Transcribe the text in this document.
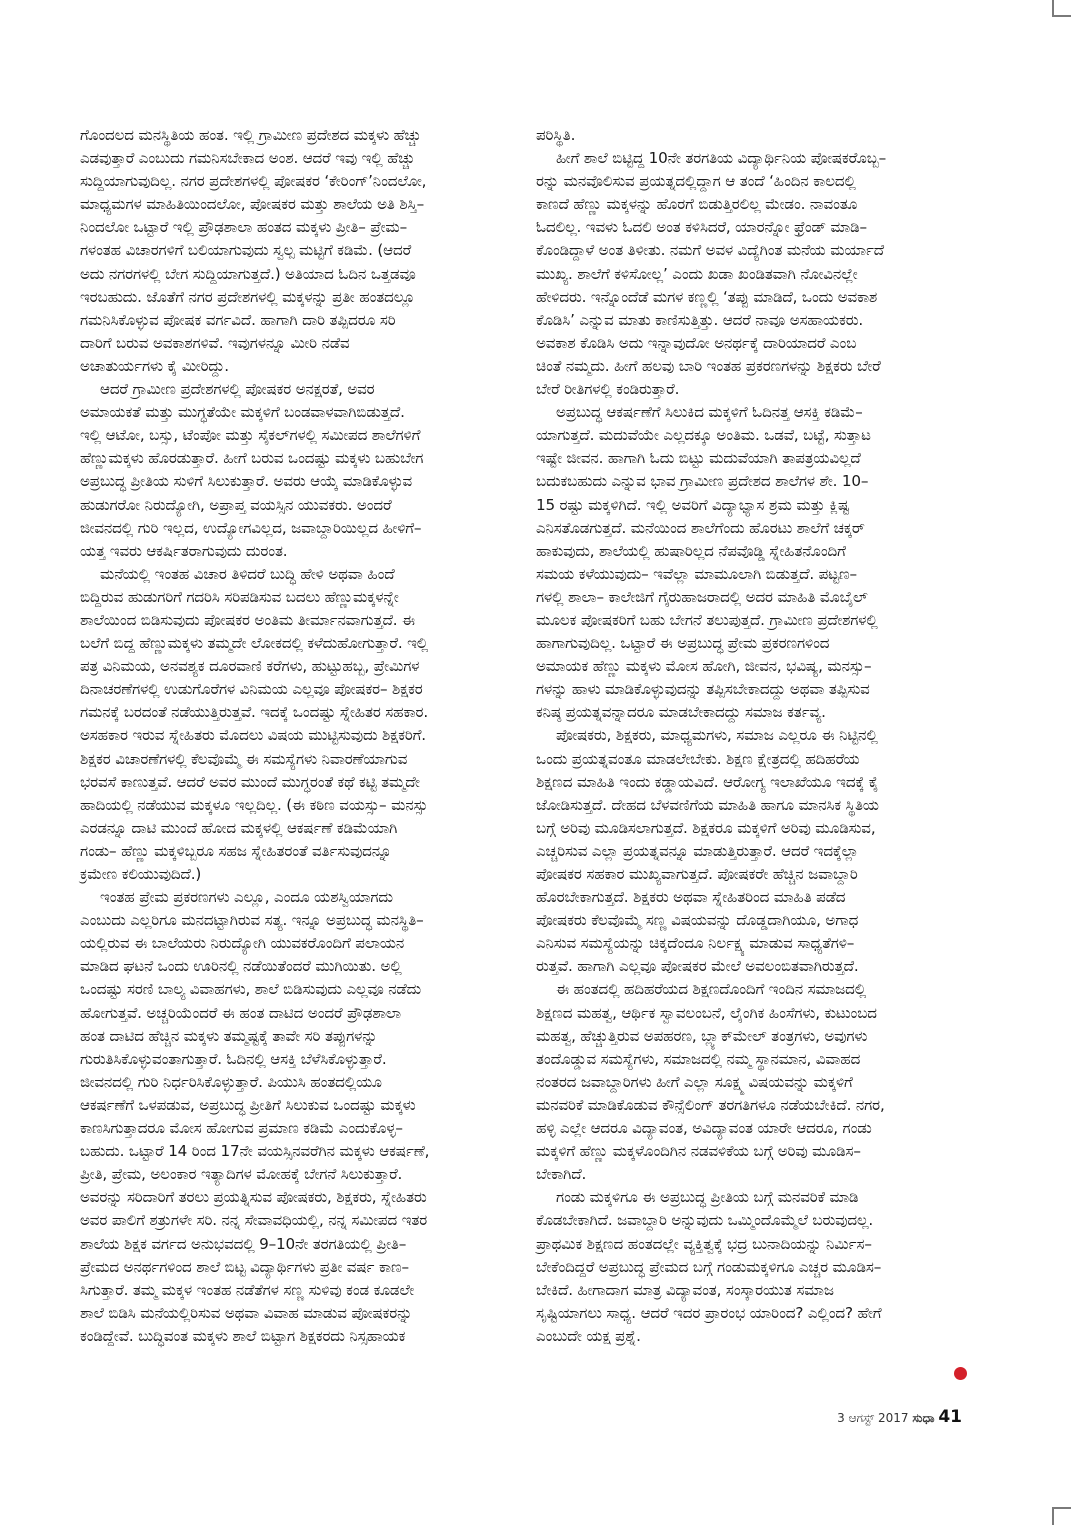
ಗೊಂದಲದ ಮನಸ್ಥಿತಿಯ ಹಂತ. ಇಲ್ಲಿ ಗ್ರಾಮೀಣ ಪ್ರದೇಶದ ಮಕ್ಕಳು ಹೆಚ್ಚು
ಎಡವುತ್ತಾರೆ ಎಂಬುದು ಗಮನಿಸಬೇಕಾದ ಅಂಶ. ಆದರೆ ಇವು ಇಲ್ಲಿ ಹೆಚ್ಚು
ಸುದ್ದಿಯಾಗುವುದಿಲ್ಲ. ನಗರ ಪ್ರದೇಶಗಳಲ್ಲಿ ಪೋಷಕರ ‘ಕೇರಿಂಗ್’ನಿಂದಲೋ,
ಮಾಧ್ಯಮಗಳ ಮಾಹಿತಿಯಿಂದಲೋ, ಪೋಷಕರ ಮತ್ತು ಶಾಲೆಯ ಅತಿ ಶಿಸ್ತಿ–
ನಿಂದಲೋ ಒಟ್ಟಾರೆ ಇಲ್ಲಿ ಪ್ರೌಢಶಾಲಾ ಹಂತದ ಮಕ್ಕಳು ಪ್ರೀತಿ– ಪ್ರೇಮ–
ಗಳಂತಹ ವಿಚಾರಗಳಿಗೆ ಬಲಿಯಾಗುವುದು ಸ್ವಲ್ಪ ಮಟ್ಟಿಗೆ ಕಡಿಮೆ. (ಆದರೆ
ಅದು ನಗರಗಳಲ್ಲಿ ಬೇಗ ಸುದ್ದಿಯಾಗುತ್ತದೆ.) ಅತಿಯಾದ ಓದಿನ ಒತ್ತಡವೂ
ಇರಬಹುದು. ಜೊತೆಗೆ ನಗರ ಪ್ರದೇಶಗಳಲ್ಲಿ ಮಕ್ಕಳನ್ನು ಪ್ರತೀ ಹಂತದಲ್ಲೂ
ಗಮನಿಸಿಕೊಳ್ಳುವ ಪೋಷಕ ವರ್ಗವಿದೆ. ಹಾಗಾಗಿ ದಾರಿ ತಪ್ಪಿದರೂ ಸರಿ
ದಾರಿಗೆ ಬರುವ ಅವಕಾಶಗಳಿವೆ. ಇವುಗಳನ್ನೂ ಮೀರಿ ನಡೆವ
ಅಚಾತುರ್ಯಗಳು ಕೈ ಮೀರಿದ್ದು.
ಆದರೆ ಗ್ರಾಮೀಣ ಪ್ರದೇಶಗಳಲ್ಲಿ ಪೋಷಕರ ಅನಕ್ಷರತೆ, ಅವರ
ಅಮಾಯಕತೆ ಮತ್ತು ಮುಗ್ಧತೆಯೇ ಮಕ್ಕಳಿಗೆ ಬಂಡವಾಳವಾಗಿಬಿಡುತ್ತದೆ.
ಇಲ್ಲಿ ಆಟೋ, ಬಸ್ಸು, ಟೆಂಪೋ ಮತ್ತು ಸೈಕಲ್‌ಗಳಲ್ಲಿ ಸಮೀಪದ ಶಾಲೆಗಳಿಗೆ
ಹೆಣ್ಣುಮಕ್ಕಳು ಹೊರಡುತ್ತಾರೆ. ಹೀಗೆ ಬರುವ ಒಂದಷ್ಟು ಮಕ್ಕಳು ಬಹುಬೇಗ
ಅಪ್ರಬುದ್ಧ ಪ್ರೀತಿಯ ಸುಳಿಗೆ ಸಿಲುಕುತ್ತಾರೆ. ಅವರು ಆಯ್ಕೆ ಮಾಡಿಕೊಳ್ಳುವ
ಹುಡುಗರೋ ನಿರುದ್ಯೋಗಿ, ಅಪ್ರಾಪ್ತ ವಯಸ್ಸಿನ ಯುವಕರು. ಅಂದರೆ
ಜೀವನದಲ್ಲಿ ಗುರಿ ಇಲ್ಲದ, ಉದ್ಯೋಗವಿಲ್ಲದ, ಜವಾಬ್ದಾರಿಯಿಲ್ಲದ ಹೀಳಿಗೆ–
ಯತ್ತ ಇವರು ಆಕರ್ಷಿತರಾಗುವುದು ದುರಂತ.
ಮನೆಯಲ್ಲಿ ಇಂತಹ ವಿಚಾರ ತಿಳಿದರೆ ಬುದ್ಧಿ ಹೇಳಿ ಅಥವಾ ಹಿಂದೆ
ಬಿದ್ದಿರುವ ಹುಡುಗರಿಗೆ ಗದರಿಸಿ ಸರಿಪಡಿಸುವ ಬದಲು ಹೆಣ್ಣುಮಕ್ಕಳನ್ನೇ
ಶಾಲೆಯಿಂದ ಬಿಡಿಸುವುದು ಪೋಷಕರ ಅಂತಿಮ ತೀರ್ಮಾನವಾಗುತ್ತದೆ. ಈ
ಬಲೆಗೆ ಬಿದ್ದ ಹೆಣ್ಣುಮಕ್ಕಳು ತಮ್ಮದೇ ಲೋಕದಲ್ಲಿ ಕಳೆದುಹೋಗುತ್ತಾರೆ. ಇಲ್ಲಿ
ಪತ್ರ ವಿನಿಮಯ, ಅನವಶ್ಯಕ ದೂರವಾಣಿ ಕರೆಗಳು, ಹುಟ್ಟುಹಬ್ಬ, ಪ್ರೇಮಿಗಳ
ದಿನಾಚರಣೆಗಳಲ್ಲಿ ಉಡುಗೊರೆಗಳ ವಿನಿಮಯ ಎಲ್ಲವೂ ಪೋಷಕರ– ಶಿಕ್ಷಕರ
ಗಮನಕ್ಕೆ ಬರದಂತೆ ನಡೆಯುತ್ತಿರುತ್ತವೆ. ಇದಕ್ಕೆ ಒಂದಷ್ಟು ಸ್ನೇಹಿತರ ಸಹಕಾರ.
ಅಸಹಕಾರ ಇರುವ ಸ್ನೇಹಿತರು ಮೊದಲು ವಿಷಯ ಮುಟ್ಟಿಸುವುದು ಶಿಕ್ಷಕರಿಗೆ.
ಶಿಕ್ಷಕರ ವಿಚಾರಣೆಗಳಲ್ಲಿ ಕೆಲವೊಮ್ಮೆ ಈ ಸಮಸ್ಯೆಗಳು ನಿವಾರಣೆಯಾಗುವ
ಭರವಸೆ ಕಾಣುತ್ತವೆ. ಆದರೆ ಅವರ ಮುಂದೆ ಮುಗ್ಧರಂತೆ ಕಥೆ ಕಟ್ಟಿ ತಮ್ಮದೇ
ಹಾದಿಯಲ್ಲಿ ನಡೆಯುವ ಮಕ್ಕಳೂ ಇಲ್ಲದಿಲ್ಲ. (ಈ ಕಠಿಣ ವಯಸ್ಸು– ಮನಸ್ಸು
ಎರಡನ್ನೂ ದಾಟಿ ಮುಂದೆ ಹೋದ ಮಕ್ಕಳಲ್ಲಿ ಆಕರ್ಷಣೆ ಕಡಿಮೆಯಾಗಿ
ಗಂಡು– ಹೆಣ್ಣು ಮಕ್ಕಳಿಬ್ಬರೂ ಸಹಜ ಸ್ನೇಹಿತರಂತೆ ವರ್ತಿಸುವುದನ್ನೂ
ಕ್ರಮೇಣ ಕಲಿಯುವುದಿದೆ.)
ಇಂತಹ ಪ್ರೇಮ ಪ್ರಕರಣಗಳು ಎಲ್ಲೂ, ಎಂದೂ ಯಶಸ್ವಿಯಾಗದು
ಎಂಬುದು ಎಲ್ಲರಿಗೂ ಮನದಟ್ಟಾಗಿರುವ ಸತ್ಯ. ಇನ್ನೂ ಅಪ್ರಬುದ್ಧ ಮನಸ್ಥಿತಿ–
ಯಲ್ಲಿರುವ ಈ ಬಾಲೆಯರು ನಿರುದ್ಯೋಗಿ ಯುವಕರೊಂದಿಗೆ ಪಲಾಯನ
ಮಾಡಿದ ಘಟನೆ ಒಂದು ಊರಿನಲ್ಲಿ ನಡೆಯಿತೆಂದರೆ ಮುಗಿಯಿತು. ಅಲ್ಲಿ
ಒಂದಷ್ಟು ಸರಣಿ ಬಾಲ್ಯ ವಿವಾಹಗಳು, ಶಾಲೆ ಬಿಡಿಸುವುದು ಎಲ್ಲವೂ ನಡೆದು
ಹೋಗುತ್ತವೆ. ಅಚ್ಚರಿಯೆಂದರೆ ಈ ಹಂತ ದಾಟಿದ ಅಂದರೆ ಪ್ರೌಢಶಾಲಾ
ಹಂತ ದಾಟಿದ ಹೆಚ್ಚಿನ ಮಕ್ಕಳು ತಮ್ಮಷ್ಟಕ್ಕೆ ತಾವೇ ಸರಿ ತಪ್ಪುಗಳನ್ನು
ಗುರುತಿಸಿಕೊಳ್ಳುವಂತಾಗುತ್ತಾರೆ. ಓದಿನಲ್ಲಿ ಆಸಕ್ತಿ ಬೆಳೆಸಿಕೊಳ್ಳುತ್ತಾರೆ.
ಜೀವನದಲ್ಲಿ ಗುರಿ ನಿರ್ಧರಿಸಿಕೊಳ್ಳುತ್ತಾರೆ. ಪಿಯುಸಿ ಹಂತದಲ್ಲಿಯೂ
ಆಕರ್ಷಣೆಗೆ ಒಳಪಡುವ, ಅಪ್ರಬುದ್ಧ ಪ್ರೀತಿಗೆ ಸಿಲುಕುವ ಒಂದಷ್ಟು ಮಕ್ಕಳು
ಕಾಣಸಿಗುತ್ತಾದರೂ ಮೋಸ ಹೋಗುವ ಪ್ರಮಾಣ ಕಡಿಮೆ ಎಂದುಕೊಳ್ಳ–
ಬಹುದು. ಒಟ್ಟಾರೆ 14 ರಿಂದ 17ನೇ ವಯಸ್ಸಿನವರೆಗಿನ ಮಕ್ಕಳು ಆಕರ್ಷಣೆ,
ಪ್ರೀತಿ, ಪ್ರೇಮ, ಅಲಂಕಾರ ಇತ್ಯಾದಿಗಳ ಮೋಹಕ್ಕೆ ಬೇಗನೆ ಸಿಲುಕುತ್ತಾರೆ.
ಅವರನ್ನು ಸರಿದಾರಿಗೆ ತರಲು ಪ್ರಯತ್ನಿಸುವ ಪೋಷಕರು, ಶಿಕ್ಷಕರು, ಸ್ನೇಹಿತರು
ಅವರ ಪಾಲಿಗೆ ಶತ್ರುಗಳೇ ಸರಿ. ನನ್ನ ಸೇವಾವಧಿಯಲ್ಲಿ, ನನ್ನ ಸಮೀಪದ ಇತರ
ಶಾಲೆಯ ಶಿಕ್ಷಕ ವರ್ಗದ ಅನುಭವದಲ್ಲಿ 9–10ನೇ ತರಗತಿಯಲ್ಲಿ ಪ್ರೀತಿ–
ಪ್ರೇಮದ ಅನರ್ಥಗಳಿಂದ ಶಾಲೆ ಬಿಟ್ಟ ವಿದ್ಯಾರ್ಥಿಗಳು ಪ್ರತೀ ವರ್ಷ ಕಾಣ–
ಸಿಗುತ್ತಾರೆ. ತಮ್ಮ ಮಕ್ಕಳ ಇಂತಹ ನಡೆತೆಗಳ ಸಣ್ಣ ಸುಳಿವು ಕಂಡ ಕೂಡಲೇ
ಶಾಲೆ ಬಿಡಿಸಿ ಮನೆಯಲ್ಲಿರಿಸುವ ಅಥವಾ ವಿವಾಹ ಮಾಡುವ ಪೋಷಕರನ್ನು
ಕಂಡಿದ್ದೇವೆ. ಬುದ್ಧಿವಂತ ಮಕ್ಕಳು ಶಾಲೆ ಬಿಟ್ಟಾಗ ಶಿಕ್ಷಕರದು ನಿಸ್ಸಹಾಯಕ
ಪರಿಸ್ಥಿತಿ.
ಹೀಗೆ ಶಾಲೆ ಬಿಟ್ಟಿದ್ದ 10ನೇ ತರಗತಿಯ ವಿದ್ಯಾರ್ಥಿನಿಯ ಪೋಷಕರೊಬ್ಬ–
ರನ್ನು ಮನವೊಲಿಸುವ ಪ್ರಯತ್ನದಲ್ಲಿದ್ದಾಗ ಆ ತಂದೆ ‘ಹಿಂದಿನ ಕಾಲದಲ್ಲಿ
ಕಾಣದೆ ಹೆಣ್ಣು ಮಕ್ಕಳನ್ನು ಹೊರಗೆ ಬಿಡುತ್ತಿರಲಿಲ್ಲ ಮೇಡಂ. ನಾವಂತೂ
ಓದಲಿಲ್ಲ. ಇವಳು ಓದಲಿ ಅಂತ ಕಳಿಸಿದರೆ, ಯಾರನ್ನೋ ಫ್ರೆಂಡ್ ಮಾಡಿ–
ಕೊಂಡಿದ್ದಾಳೆ ಅಂತ ತಿಳೀತು. ನಮಗೆ ಅವಳ ವಿದ್ಯೆಗಿಂತ ಮನೆಯ ಮರ್ಯಾದೆ
ಮುಖ್ಯ. ಶಾಲೆಗೆ ಕಳಿಸೋಲ್ಲ’ ಎಂದು ಖಡಾ ಖಂಡಿತವಾಗಿ ನೋವಿನಲ್ಲೇ
ಹೇಳಿದರು. ಇನ್ನೊಂದೆಡೆ ಮಗಳ ಕಣ್ಣಲ್ಲಿ ‘ತಪ್ಪು ಮಾಡಿದೆ, ಒಂದು ಅವಕಾಶ
ಕೊಡಿಸಿ’ ಎನ್ನುವ ಮಾತು ಕಾಣಿಸುತ್ತಿತ್ತು. ಆದರೆ ನಾವೂ ಅಸಹಾಯಕರು.
ಅವಕಾಶ ಕೊಡಿಸಿ ಅದು ಇನ್ನಾವುದೋ ಅನರ್ಥಕ್ಕೆ ದಾರಿಯಾದರೆ ಎಂಬ
ಚಿಂತೆ ನಮ್ಮದು. ಹೀಗೆ ಹಲವು ಬಾರಿ ಇಂತಹ ಪ್ರಕರಣಗಳನ್ನು ಶಿಕ್ಷಕರು ಬೇರೆ
ಬೇರೆ ರೀತಿಗಳಲ್ಲಿ ಕಂಡಿರುತ್ತಾರೆ.
ಅಪ್ರಬುದ್ಧ ಆಕರ್ಷಣೆಗೆ ಸಿಲುಕಿದ ಮಕ್ಕಳಿಗೆ ಓದಿನತ್ತ ಆಸಕ್ತಿ ಕಡಿಮೆ–
ಯಾಗುತ್ತದೆ. ಮದುವೆಯೇ ಎಲ್ಲದಕ್ಕೂ ಅಂತಿಮ. ಒಡವೆ, ಬಟ್ಟೆ, ಸುತ್ತಾಟ
ಇಷ್ಟೇ ಜೀವನ. ಹಾಗಾಗಿ ಓದು ಬಿಟ್ಟು ಮದುವೆಯಾಗಿ ತಾಪತ್ರಯವಿಲ್ಲದೆ
ಬದುಕಬಹುದು ಎನ್ನುವ ಭಾವ ಗ್ರಾಮೀಣ ಪ್ರದೇಶದ ಶಾಲೆಗಳ ಶೇ. 10–
15 ರಷ್ಟು ಮಕ್ಕಳಿಗಿದೆ. ಇಲ್ಲಿ ಅವರಿಗೆ ವಿದ್ಯಾಭ್ಯಾಸ ಶ್ರಮ ಮತ್ತು ಕ್ಲಿಷ್ಟ
ಎನಿಸತೊಡಗುತ್ತದೆ. ಮನೆಯಿಂದ ಶಾಲೆಗೆಂದು ಹೊರಟು ಶಾಲೆಗೆ ಚಕ್ಕರ್
ಹಾಕುವುದು, ಶಾಲೆಯಲ್ಲಿ ಹುಷಾರಿಲ್ಲದ ನೆಪವೊಡ್ಡಿ ಸ್ನೇಹಿತನೊಂದಿಗೆ
ಸಮಯ ಕಳೆಯುವುದು– ಇವೆಲ್ಲಾ ಮಾಮೂಲಾಗಿ ಬಿಡುತ್ತದೆ. ಪಟ್ಟಣ–
ಗಳಲ್ಲಿ ಶಾಲಾ– ಕಾಲೇಜಿಗೆ ಗೈರುಹಾಜರಾದಲ್ಲಿ ಅದರ ಮಾಹಿತಿ ಮೊಬೈಲ್
ಮೂಲಕ ಪೋಷಕರಿಗೆ ಬಹು ಬೇಗನೆ ತಲುಪುತ್ತದೆ. ಗ್ರಾಮೀಣ ಪ್ರದೇಶಗಳಲ್ಲಿ
ಹಾಗಾಗುವುದಿಲ್ಲ. ಒಟ್ಟಾರೆ ಈ ಅಪ್ರಬುದ್ಧ ಪ್ರೇಮ ಪ್ರಕರಣಗಳಿಂದ
ಅಮಾಯಕ ಹೆಣ್ಣು ಮಕ್ಕಳು ಮೋಸ ಹೋಗಿ, ಜೀವನ, ಭವಿಷ್ಯ, ಮನಸ್ಸು–
ಗಳನ್ನು ಹಾಳು ಮಾಡಿಕೊಳ್ಳುವುದನ್ನು ತಪ್ಪಿಸಬೇಕಾದದ್ದು ಅಥವಾ ತಪ್ಪಿಸುವ
ಕನಿಷ್ಠ ಪ್ರಯತ್ನವನ್ನಾದರೂ ಮಾಡಬೇಕಾದದ್ದು ಸಮಾಜ ಕರ್ತವ್ಯ.
ಪೋಷಕರು, ಶಿಕ್ಷಕರು, ಮಾಧ್ಯಮಗಳು, ಸಮಾಜ ಎಲ್ಲರೂ ಈ ನಿಟ್ಟಿನಲ್ಲಿ
ಒಂದು ಪ್ರಯತ್ನವಂತೂ ಮಾಡಲೇಬೇಕು. ಶಿಕ್ಷಣ ಕ್ಷೇತ್ರದಲ್ಲಿ ಹದಿಹರೆಯ
ಶಿಕ್ಷಣದ ಮಾಹಿತಿ ಇಂದು ಕಡ್ಡಾಯವಿದೆ. ಆರೋಗ್ಯ ಇಲಾಖೆಯೂ ಇದಕ್ಕೆ ಕೈ
ಜೋಡಿಸುತ್ತದೆ. ದೇಹದ ಬೆಳವಣಿಗೆಯ ಮಾಹಿತಿ ಹಾಗೂ ಮಾನಸಿಕ ಸ್ಥಿತಿಯ
ಬಗ್ಗೆ ಅರಿವು ಮೂಡಿಸಲಾಗುತ್ತದೆ. ಶಿಕ್ಷಕರೂ ಮಕ್ಕಳಿಗೆ ಅರಿವು ಮೂಡಿಸುವ,
ಎಚ್ಚರಿಸುವ ಎಲ್ಲಾ ಪ್ರಯತ್ನವನ್ನೂ ಮಾಡುತ್ತಿರುತ್ತಾರೆ. ಆದರೆ ಇದಕ್ಕೆಲ್ಲಾ
ಪೋಷಕರ ಸಹಕಾರ ಮುಖ್ಯವಾಗುತ್ತದೆ. ಪೋಷಕರೇ ಹೆಚ್ಚಿನ ಜವಾಬ್ದಾರಿ
ಹೊರಬೇಕಾಗುತ್ತದೆ. ಶಿಕ್ಷಕರು ಅಥವಾ ಸ್ನೇಹಿತರಿಂದ ಮಾಹಿತಿ ಪಡೆದ
ಪೋಷಕರು ಕೆಲವೊಮ್ಮೆ ಸಣ್ಣ ವಿಷಯವನ್ನು ದೊಡ್ಡದಾಗಿಯೂ, ಅಗಾಧ
ಎನಿಸುವ ಸಮಸ್ಯೆಯನ್ನು ಚಿಕ್ಕದೆಂದೂ ನಿರ್ಲಕ್ಷ್ಯ ಮಾಡುವ ಸಾಧ್ಯತೆಗಳಿ–
ರುತ್ತವೆ. ಹಾಗಾಗಿ ಎಲ್ಲವೂ ಪೋಷಕರ ಮೇಲೆ ಅವಲಂಬಿತವಾಗಿರುತ್ತದೆ.
ಈ ಹಂತದಲ್ಲಿ ಹದಿಹರೆಯದ ಶಿಕ್ಷಣದೊಂದಿಗೆ ಇಂದಿನ ಸಮಾಜದಲ್ಲಿ
ಶಿಕ್ಷಣದ ಮಹತ್ವ, ಆರ್ಥಿಕ ಸ್ವಾವಲಂಬನೆ, ಲೈಂಗಿಕ ಹಿಂಸೆಗಳು, ಕುಟುಂಬದ
ಮಹತ್ವ, ಹೆಚ್ಚುತ್ತಿರುವ ಅಪಹರಣ, ಬ್ಲ್ಯಾಕ್‌ಮೇಲ್ ತಂತ್ರಗಳು, ಅವುಗಳು
ತಂದೊಡ್ಡುವ ಸಮಸ್ಯೆಗಳು, ಸಮಾಜದಲ್ಲಿ ನಮ್ಮ ಸ್ಥಾನಮಾನ, ವಿವಾಹದ
ನಂತರದ ಜವಾಬ್ದಾರಿಗಳು ಹೀಗೆ ಎಲ್ಲಾ ಸೂಕ್ಷ್ಮ ವಿಷಯವನ್ನು ಮಕ್ಕಳಿಗೆ
ಮನವರಿಕೆ ಮಾಡಿಕೊಡುವ ಕೌನ್ಸೆಲಿಂಗ್ ತರಗತಿಗಳೂ ನಡೆಯಬೇಕಿದೆ. ನಗರ,
ಹಳ್ಳಿ ಎಲ್ಲೇ ಆದರೂ ವಿದ್ಯಾವಂತ, ಅವಿದ್ಯಾವಂತ ಯಾರೇ ಆದರೂ, ಗಂಡು
ಮಕ್ಕಳಿಗೆ ಹೆಣ್ಣು ಮಕ್ಕಳೊಂದಿಗಿನ ನಡವಳಿಕೆಯ ಬಗ್ಗೆ ಅರಿವು ಮೂಡಿಸ–
ಬೇಕಾಗಿದೆ.
ಗಂಡು ಮಕ್ಕಳಿಗೂ ಈ ಅಪ್ರಬುದ್ಧ ಪ್ರೀತಿಯ ಬಗ್ಗೆ ಮನವರಿಕೆ ಮಾಡಿ
ಕೊಡಬೇಕಾಗಿದೆ. ಜವಾಬ್ದಾರಿ ಅನ್ನುವುದು ಒಮ್ಮಿಂದೊಮ್ಮೆಲೆ ಬರುವುದಲ್ಲ.
ಪ್ರಾಥಮಿಕ ಶಿಕ್ಷಣದ ಹಂತದಲ್ಲೇ ವ್ಯಕ್ತಿತ್ವಕ್ಕೆ ಭದ್ರ ಬುನಾದಿಯನ್ನು ನಿರ್ಮಿಸ–
ಬೇಕೆಂದಿದ್ದರೆ ಅಪ್ರಬುದ್ಧ ಪ್ರೇಮದ ಬಗ್ಗೆ ಗಂಡುಮಕ್ಕಳಿಗೂ ಎಚ್ಚರ ಮೂಡಿಸ–
ಬೇಕಿದೆ. ಹೀಗಾದಾಗ ಮಾತ್ರ ವಿದ್ಯಾವಂತ, ಸಂಸ್ಕಾರಯುತ ಸಮಾಜ
ಸೃಷ್ಟಿಯಾಗಲು ಸಾಧ್ಯ. ಆದರೆ ಇದರ ಪ್ರಾರಂಭ ಯಾರಿಂದ? ಎಲ್ಲಿಂದ? ಹೇಗೆ
ಎಂಬುದೇ ಯಕ್ಷ ಪ್ರಶ್ನೆ.
3 ಆಗಸ್ಟ್ 2017 ಸುಧಾ 41
